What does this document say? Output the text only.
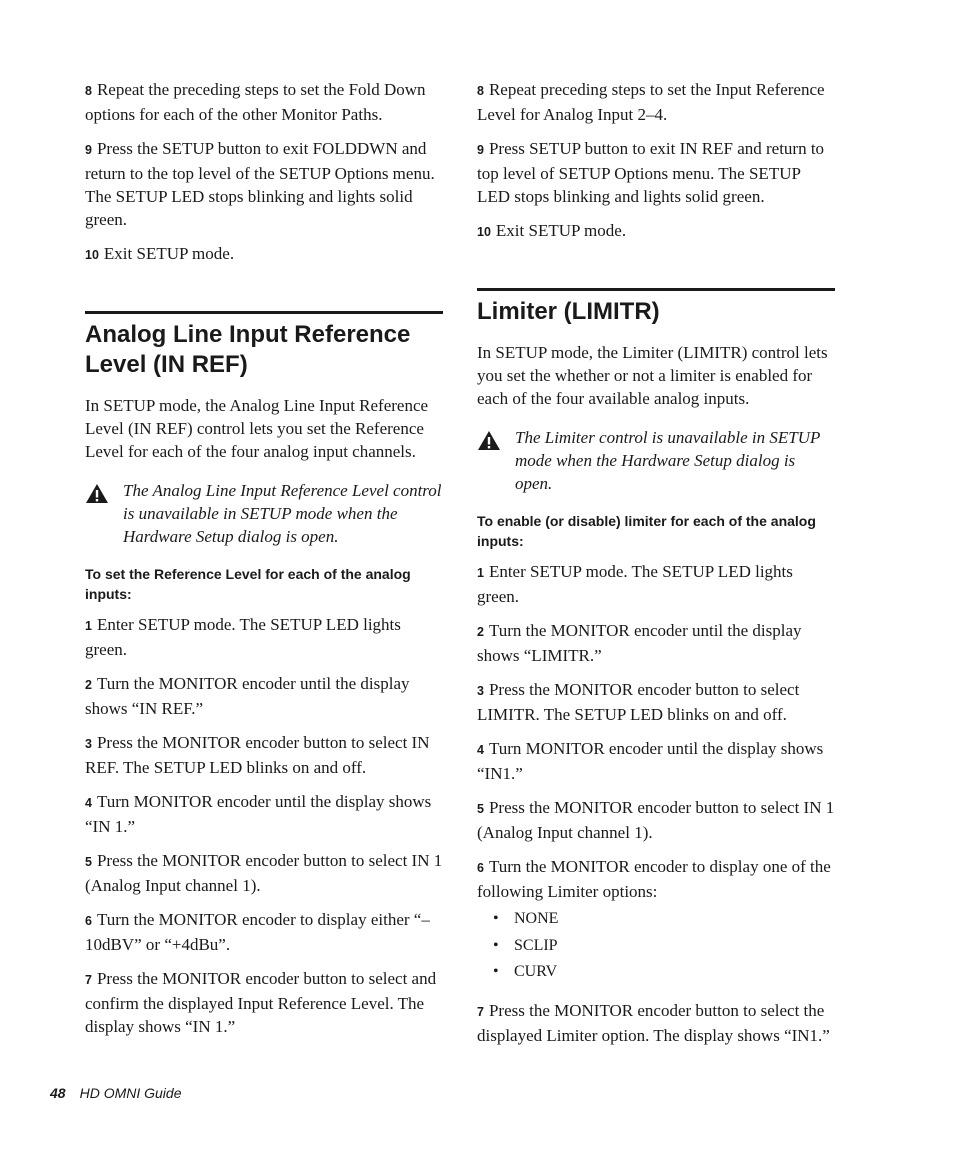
8 Repeat the preceding steps to set the Fold Down options for each of the other Monitor Paths.
9 Press the SETUP button to exit FOLDDWN and return to the top level of the SETUP Options menu. The SETUP LED stops blinking and lights solid green.
10 Exit SETUP mode.
Analog Line Input Reference Level (IN REF)
In SETUP mode, the Analog Line Input Reference Level (IN REF) control lets you set the Reference Level for each of the four analog input channels.
The Analog Line Input Reference Level control is unavailable in SETUP mode when the Hardware Setup dialog is open.
To set the Reference Level for each of the analog inputs:
1 Enter SETUP mode. The SETUP LED lights green.
2 Turn the MONITOR encoder until the display shows “IN REF.”
3 Press the MONITOR encoder button to select IN REF. The SETUP LED blinks on and off.
4 Turn MONITOR encoder until the display shows “IN 1.”
5 Press the MONITOR encoder button to select IN 1 (Analog Input channel 1).
6 Turn the MONITOR encoder to display either “–10dBV” or “+4dBu”.
7 Press the MONITOR encoder button to select and confirm the displayed Input Reference Level. The display shows “IN 1.”
8 Repeat preceding steps to set the Input Reference Level for Analog Input 2–4.
9 Press SETUP button to exit IN REF and return to top level of SETUP Options menu. The SETUP LED stops blinking and lights solid green.
10 Exit SETUP mode.
Limiter (LIMITR)
In SETUP mode, the Limiter (LIMITR) control lets you set the whether or not a limiter is enabled for each of the four available analog inputs.
The Limiter control is unavailable in SETUP mode when the Hardware Setup dialog is open.
To enable (or disable) limiter for each of the analog inputs:
1 Enter SETUP mode. The SETUP LED lights green.
2 Turn the MONITOR encoder until the display shows “LIMITR.”
3 Press the MONITOR encoder button to select LIMITR. The SETUP LED blinks on and off.
4 Turn MONITOR encoder until the display shows “IN1.”
5 Press the MONITOR encoder button to select IN 1 (Analog Input channel 1).
6 Turn the MONITOR encoder to display one of the following Limiter options:
• NONE
• SCLIP
• CURV
7 Press the MONITOR encoder button to select the displayed Limiter option. The display shows “IN1.”
48 HD OMNI Guide
